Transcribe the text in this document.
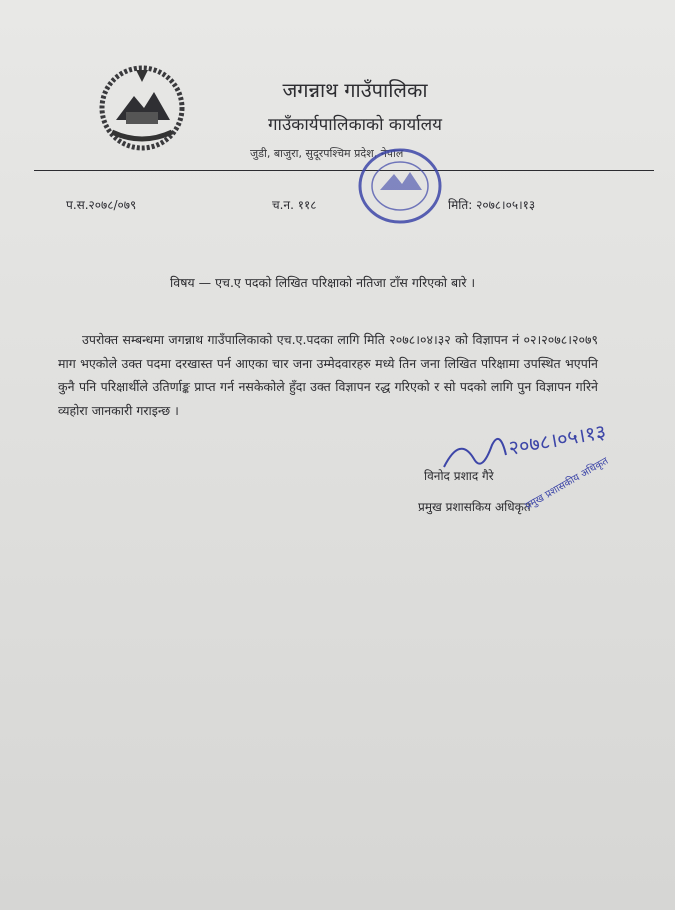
जगन्नाथ गाउँपालिका
गाउँकार्यपालिकाको कार्यालय
जुडी, बाजुरा, सुदूरपश्चिम प्रदेश, नेपाल
प.स.२०७८/०७९	च.न. ११८	मिति: २०७८।०५।१३
विषय — एच.ए पदको लिखित परिक्षाको नतिजा टाँस गरिएको बारे ।
उपरोक्त सम्बन्धमा जगन्नाथ गाउँपालिकाको एच.ए.पदका लागि मिति २०७८।०४।३२ को विज्ञापन नं ०२।२०७८।२०७९ माग भएकोले उक्त पदमा दरखास्त पर्न आएका चार जना उम्मेदवारहरु मध्ये तिन जना लिखित परिक्षामा उपस्थित भएपनि कुनै पनि परिक्षार्थीले उतिर्णाङ्क प्राप्त गर्न नसकेकोले हुँदा उक्त विज्ञापन रद्ध गरिएको र सो पदको लागि पुन विज्ञापन गरिने व्यहोरा जानकारी गराइन्छ ।
२०७८।०५।१३
विनोद प्रशाद गैरे
प्रमुख प्रशासकिय अधिकृत
प्रमुख प्रशासकीय अधिकृत
